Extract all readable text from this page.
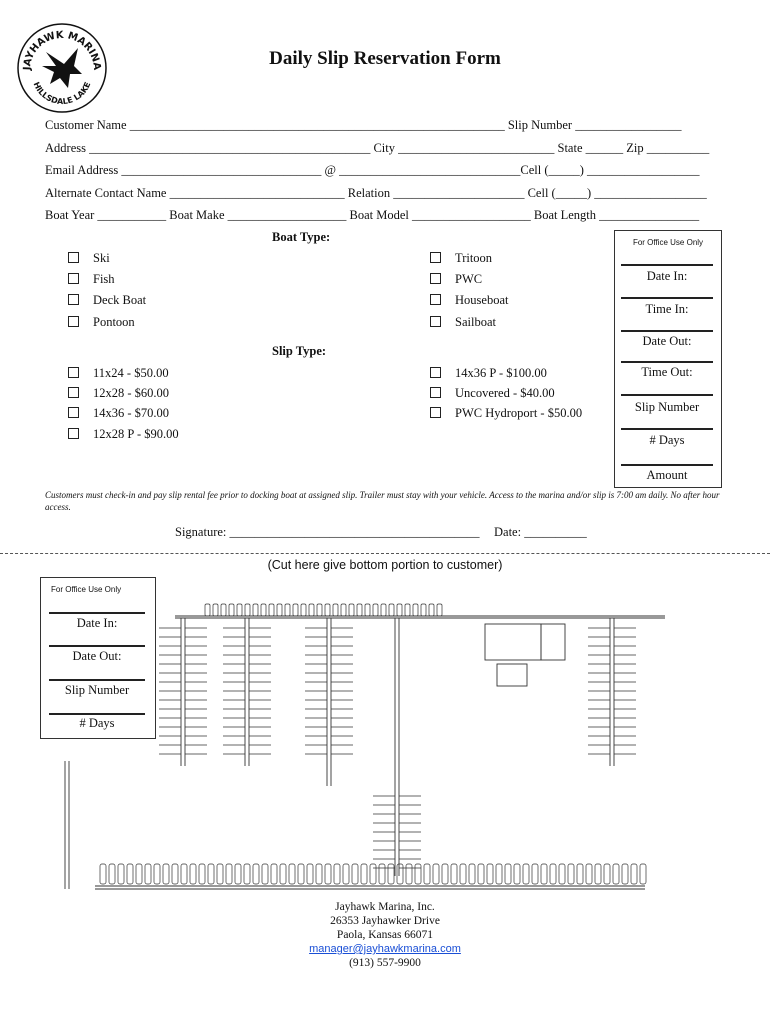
JAYHAWK MARINA
HILLSDALE LAKE
Daily Slip Reservation Form
Customer Name ____________________________________________________________ Slip Number _________________
Address _____________________________________________ City _________________________ State ______ Zip __________
Email Address ________________________________ @ _____________________________Cell (_____) __________________
Alternate Contact Name ____________________________ Relation _____________________ Cell (_____) __________________
Boat Year ___________ Boat Make ___________________ Boat Model ___________________ Boat Length ________________
Boat Type:
Ski
Fish
Deck Boat
Pontoon
Tritoon
PWC
Houseboat
Sailboat
Slip Type:
11x24 - $50.00
12x28 - $60.00
14x36 - $70.00
12x28 P - $90.00
14x36 P - $100.00
Uncovered - $40.00
PWC Hydroport - $50.00
For Office Use Only
Date In:
Time In:
Date Out:
Time Out:
Slip Number
# Days
Amount
Customers must check-in and pay slip rental fee prior to docking boat at assigned slip. Trailer must stay with your vehicle. Access to the marina and/or slip is 7:00 am daily. No after hour access.
Signature: ________________________________________ Date: __________
(Cut here give bottom portion to customer)
For Office Use Only
Date In:
Date Out:
Slip Number
# Days
Jayhawk Marina, Inc.
26353 Jayhawker Drive
Paola, Kansas 66071
manager@jayhawkmarina.com
(913) 557-9900
